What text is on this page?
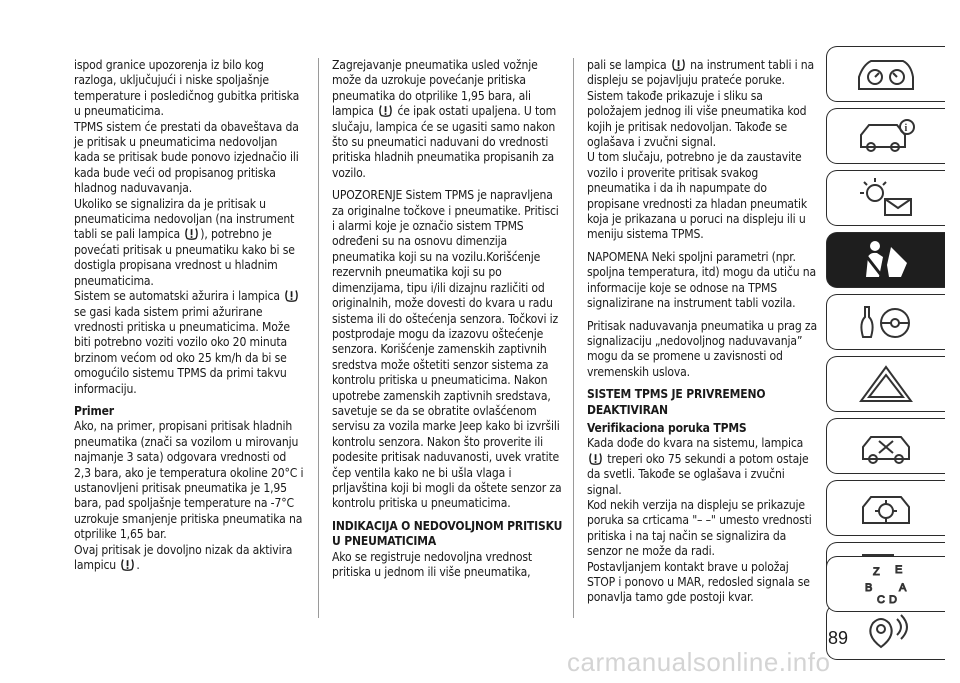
ispod granice upozorenja iz bilo kog razloga, uključujući i niske spoljašnje temperature i posledičnog gubitka pritiska u pneumaticima.

TPMS sistem će prestati da obaveštava da je pritisak u pneumaticima nedovoljan kada se pritisak bude ponovo izjednačio ili kada bude veći od propisanog pritiska hladnog naduvavanja.

Ukoliko se signalizira da je pritisak u pneumaticima nedovoljan (na instrument tabli se pali lampica
), potrebno je povećati pritisak u pneumatiku kako bi se dostigla propisana vrednost u hladnim pneumaticima.

Sistem se automatski ažurira i lampica
se gasi kada sistem primi ažurirane vrednosti pritiska u pneumaticima. Može biti potrebno voziti vozilo oko 20 minuta brzinom većom od oko 25 km/h da bi se omogućilo sistemu TPMS da primi takvu informaciju.

Primer

Ako, na primer, propisani pritisak hladnih pneumatika (znači sa vozilom u mirovanju najmanje 3 sata) odgovara vrednosti od 2,3 bara, ako je temperatura okoline 20°C i ustanovljeni pritisak pneumatika je 1,95 bara, pad spoljašnje temperature na -7°C uzrokuje smanjenje pritiska pneumatika na otprilike 1,65 bar.

Ovaj pritisak je dovoljno nizak da aktivira lampicu
.

Zagrejavanje pneumatika usled vožnje može da uzrokuje povećanje pritiska pneumatika do otprilike 1,95 bara, ali lampica
će ipak ostati upaljena. U tom slučaju, lampica će se ugasiti samo nakon što su pneumatici naduvani do vrednosti pritiska hladnih pneumatika propisanih za vozilo.

UPOZORENJE Sistem TPMS je napravljena za originalne točkove i pneumatike. Pritisci i alarmi koje je označio sistem TPMS određeni su na osnovu dimenzija pneumatika koji su na vozilu.Korišćenje rezervnih pneumatika koji su po dimenzijama, tipu i/ili dizajnu različiti od originalnih, može dovesti do kvara u radu sistema ili do oštećenja senzora. Točkovi iz postprodaje mogu da izazovu oštećenje senzora. Korišćenje zamenskih zaptivnih sredstva može oštetiti senzor sistema za kontrolu pritiska u pneumaticima. Nakon upotrebe zamenskih zaptivnih sredstava, savetuje se da se obratite ovlašćenom servisu za vozila marke Jeep kako bi izvršili kontrolu senzora. Nakon što proverite ili podesite pritisak naduvanosti, uvek vratite čep ventila kako ne bi ušla vlaga i prljavština koji bi mogli da oštete senzor za kontrolu pritiska u pneumaticima.

INDIKACIJA O NEDOVOLJNOM PRITISKU U PNEUMATICIMA

Ako se registruje nedovoljna vrednost pritiska u jednom ili više pneumatika,

pali se lampica
na instrument tabli i na displeju se pojavljuju prateće poruke. Sistem takođe prikazuje i sliku sa položajem jednog ili više pneumatika kod kojih je pritisak nedovoljan. Takođe se oglašava i zvučni signal.

U tom slučaju, potrebno je da zaustavite vozilo i proverite pritisak svakog pneumatika i da ih napumpate do propisane vrednosti za hladan pneumatik koja je prikazana u poruci na displeju ili u meniju sistema TPMS.

NAPOMENA Neki spoljni parametri (npr. spoljna temperatura, itd) mogu da utiču na informacije koje se odnose na TPMS signalizirane na instrument tabli vozila.

Pritisak naduvavanja pneumatika u prag za signalizaciju „nedovoljnog naduvavanja” mogu da se promene u zavisnosti od vremenskih uslova.

SISTEM TPMS JE PRIVREMENO DEAKTIVIRAN
Verifikaciona poruka TPMS

Kada dođe do kvara na sistemu, lampica
treperi oko 75 sekundi a potom ostaje da svetli. Takođe se oglašava i zvučni signal.

Kod nekih verzija na displeju se prikazuje poruka sa crticama "– –" umesto vrednosti pritiska i na taj način se signalizira da senzor ne može da radi.

Postavljanjem kontakt brave u položaj STOP i ponovo u MAR, redosled signala se ponavlja tamo gde postoji kvar.

i
Z E
B A
C D
89
carmanualsonline.info
